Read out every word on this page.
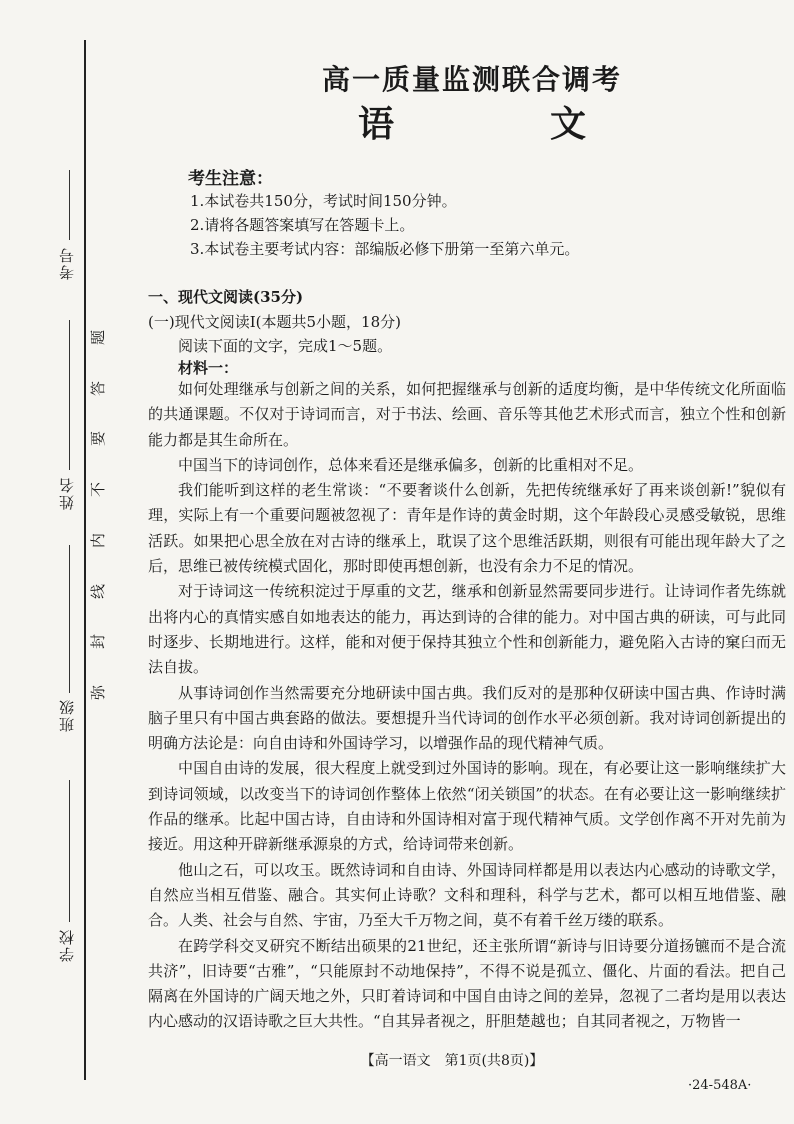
考号
姓名
班级
学校
题
答
要
不
内
线
封
弥
高一质量监测联合调考
语　文
考生注意：
1.本试卷共150分，考试时间150分钟。
2.请将各题答案填写在答题卡上。
3.本试卷主要考试内容：部编版必修下册第一至第六单元。
一、现代文阅读(35分)
(一)现代文阅读Ⅰ(本题共5小题，18分)
阅读下面的文字，完成1～5题。
材料一：

如何处理继承与创新之间的关系，如何把握继承与创新的适度均衡，是中华传统文化所面临的共通课题。不仅对于诗词而言，对于书法、绘画、音乐等其他艺术形式而言，独立个性和创新能力都是其生命所在。

中国当下的诗词创作，总体来看还是继承偏多，创新的比重相对不足。

我们能听到这样的老生常谈：“不要奢谈什么创新，先把传统继承好了再来谈创新!”貌似有理，实际上有一个重要问题被忽视了：青年是作诗的黄金时期，这个年龄段心灵感受敏锐，思维活跃。如果把心思全放在对古诗的继承上，耽误了这个思维活跃期，则很有可能出现年龄大了之后，思维已被传统模式固化，那时即使再想创新，也没有余力不足的情况。

对于诗词这一传统积淀过于厚重的文艺，继承和创新显然需要同步进行。让诗词作者先练就出将内心的真情实感自如地表达的能力，再达到诗的合律的能力。对中国古典的研读，可与此同时逐步、长期地进行。这样，能和对便于保持其独立个性和创新能力，避免陷入古诗的窠臼而无法自拔。

从事诗词创作当然需要充分地研读中国古典。我们反对的是那种仅研读中国古典、作诗时满脑子里只有中国古典套路的做法。要想提升当代诗词的创作水平必须创新。我对诗词创新提出的明确方法论是：向自由诗和外国诗学习，以增强作品的现代精神气质。

中国自由诗的发展，很大程度上就受到过外国诗的影响。现在，有必要让这一影响继续扩大到诗词领域，以改变当下的诗词创作整体上依然“闭关锁国”的状态。在有必要让这一影响继续扩作品的继承。比起中国古诗，自由诗和外国诗相对富于现代精神气质。文学创作离不开对先前为接近。用这种开辟新继承源泉的方式，给诗词带来创新。

他山之石，可以攻玉。既然诗词和自由诗、外国诗同样都是用以表达内心感动的诗歌文学，自然应当相互借鉴、融合。其实何止诗歌？文科和理科，科学与艺术，都可以相互地借鉴、融合。人类、社会与自然、宇宙，乃至大千万物之间，莫不有着千丝万缕的联系。

在跨学科交叉研究不断结出硕果的21世纪，还主张所谓“新诗与旧诗要分道扬镳而不是合流共济”，旧诗要“古雅”，“只能原封不动地保持”，不得不说是孤立、僵化、片面的看法。把自己隔离在外国诗的广阔天地之外，只盯着诗词和中国自由诗之间的差异，忽视了二者均是用以表达内心感动的汉语诗歌之巨大共性。“自其异者视之，肝胆楚越也；自其同者视之，万物皆一

【高一语文　第1页(共8页)】
·24-548A·
